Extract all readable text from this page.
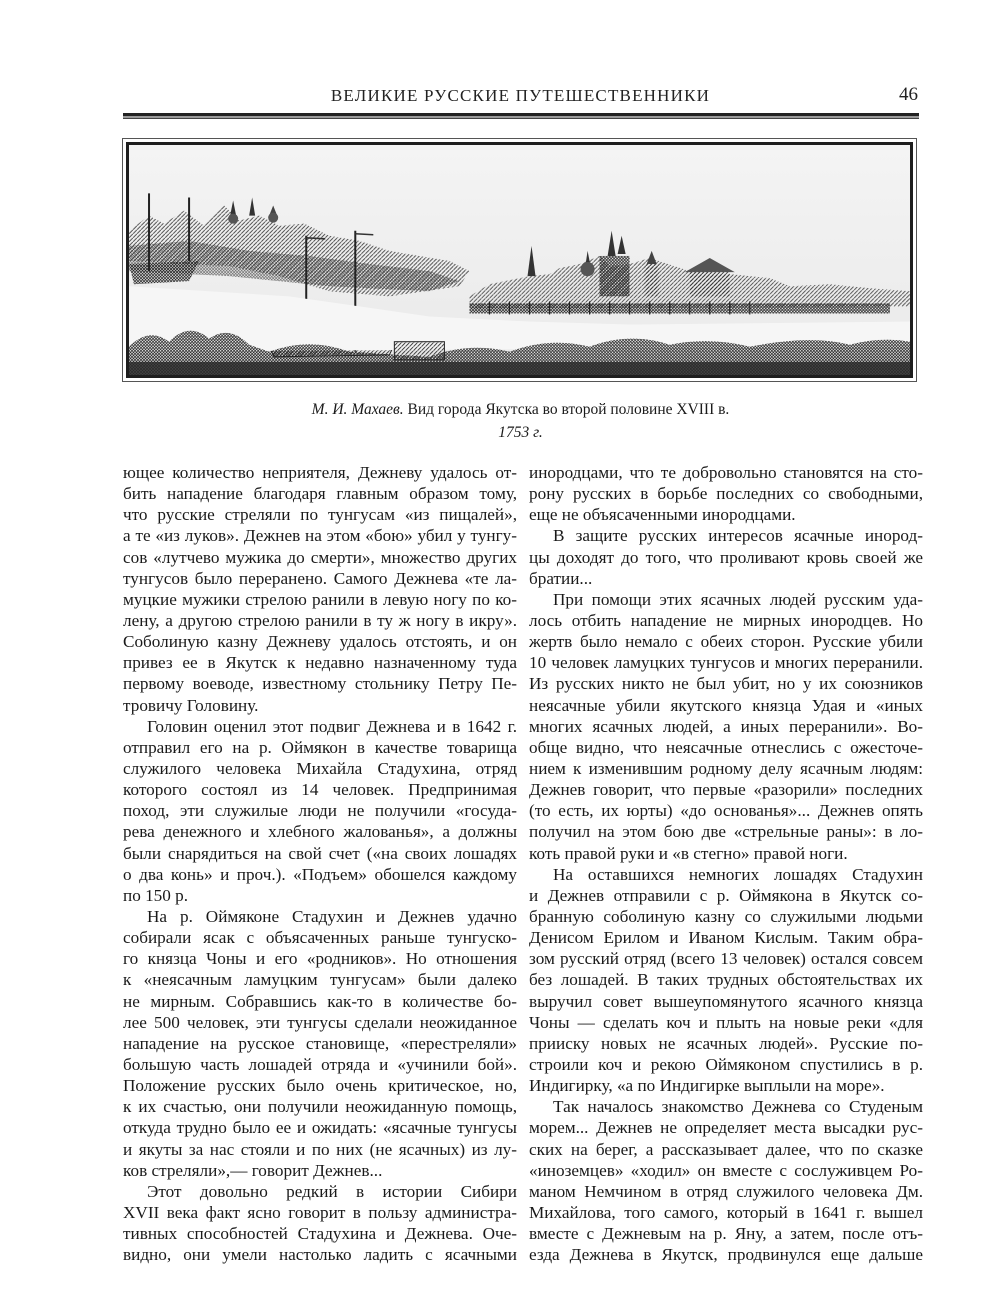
ВЕЛИКИЕ РУССКИЕ ПУТЕШЕСТВЕННИКИ	46
М. И. Махаев. Вид города Якутска во второй половине XVIII в.
1753 г.
ющее количество неприятеля, Дежневу удалось от-
бить нападение благодаря главным образом тому,
что русские стреляли по тунгусам «из пищалей»,
а те «из луков». Дежнев на этом «бою» убил у тунгу-
сов «лутчево мужика до смерти», множество других
тунгусов было переранено. Самого Дежнева «те ла-
муцкие мужики стрелою ранили в левую ногу по ко-
лену, а другою стрелою ранили в ту ж ногу в икру».
Соболиную казну Дежневу удалось отстоять, и он
привез ее в Якутск к недавно назначенному туда
первому воеводе, известному стольнику Петру Пе-
тровичу Головину.
Головин оценил этот подвиг Дежнева и в 1642 г.
отправил его на р. Оймякон в качестве товарища
служилого человека Михайла Стадухина, отряд
которого состоял из 14 человек. Предпринимая
поход, эти служилые люди не получили «госуда-
рева денежного и хлебного жалованья», а должны
были снарядиться на свой счет («на своих лошадях
о два конь» и проч.). «Подъем» обошелся каждому
по 150 р.
На р. Оймяконе Стадухин и Дежнев удачно
собирали ясак с объясаченных раньше тунгуско-
го князца Чоны и его «родников». Но отношения
к «неясачным ламуцким тунгусам» были далеко
не мирным. Собравшись как-то в количестве бо-
лее 500 человек, эти тунгусы сделали неожиданное
нападение на русское становище, «перестреляли»
большую часть лошадей отряда и «учинили бой».
Положение русских было очень критическое, но,
к их счастью, они получили неожиданную помощь,
откуда трудно было ее и ожидать: «ясачные тунгусы
и якуты за нас стояли и по них (не ясачных) из лу-
ков стреляли»,— говорит Дежнев...
Этот довольно редкий в истории Сибири
XVII века факт ясно говорит в пользу администра-
тивных способностей Стадухина и Дежнева. Оче-
видно, они умели настолько ладить с ясачными
инородцами, что те добровольно становятся на сто-
рону русских в борьбе последних со свободными,
еще не объясаченными инородцами.
В защите русских интересов ясачные инород-
цы доходят до того, что проливают кровь своей же
братии...
При помощи этих ясачных людей русским уда-
лось отбить нападение не мирных инородцев. Но
жертв было немало с обеих сторон. Русские убили
10 человек ламуцких тунгусов и многих переранили.
Из русских никто не был убит, но у их союзников
неясачные убили якутского князца Удая и «иных
многих ясачных людей, а иных переранили». Во-
обще видно, что неясачные отнеслись с ожесточе-
нием к изменившим родному делу ясачным людям:
Дежнев говорит, что первые «разорили» последних
(то есть, их юрты) «до основанья»... Дежнев опять
получил на этом бою две «стрельные раны»: в ло-
коть правой руки и «в стегно» правой ноги.
На оставшихся немногих лошадях Стадухин
и Дежнев отправили с р. Оймякона в Якутск со-
бранную соболиную казну со служилыми людьми
Денисом Ерилом и Иваном Кислым. Таким обра-
зом русский отряд (всего 13 человек) остался совсем
без лошадей. В таких трудных обстоятельствах их
выручил совет вышеупомянутого ясачного князца
Чоны — сделать коч и плыть на новые реки «для
прииску новых не ясачных людей». Русские по-
строили коч и рекою Оймяконом спустились в р.
Индигирку, «а по Индигирке выплыли на море».
Так началось знакомство Дежнева со Студеным
морем... Дежнев не определяет места высадки рус-
ских на берег, а рассказывает далее, что по сказке
«иноземцев» «ходил» он вместе с сослуживцем Ро-
маном Немчином в отряд служилого человека Дм.
Михайлова, того самого, который в 1641 г. вышел
вместе с Дежневым на р. Яну, а затем, после отъ-
езда Дежнева в Якутск, продвинулся еще дальше
